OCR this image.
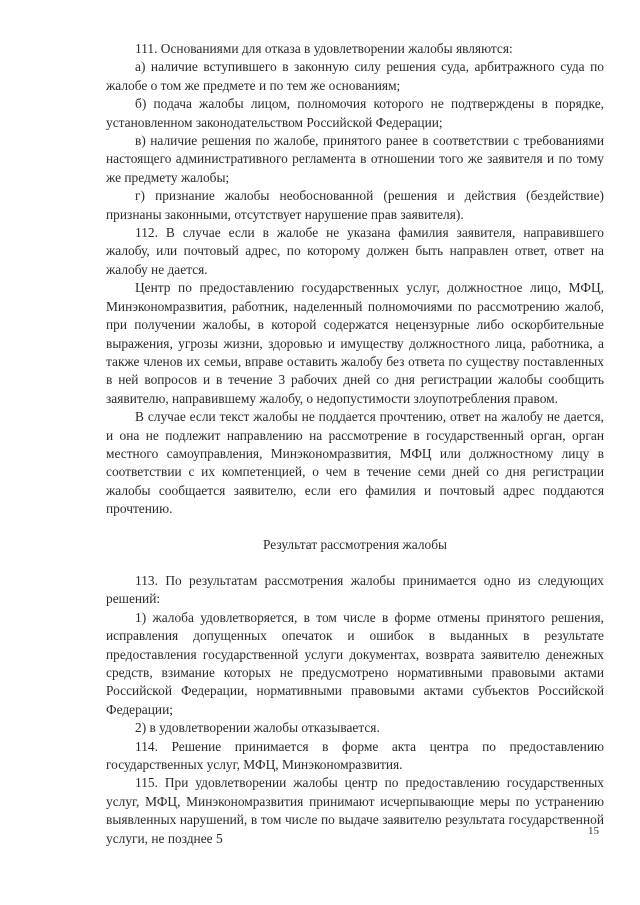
111. Основаниями для отказа в удовлетворении жалобы являются:

а) наличие вступившего в законную силу решения суда, арбитражного суда по жалобе о том же предмете и по тем же основаниям;

б) подача жалобы лицом, полномочия которого не подтверждены в порядке, установленном законодательством Российской Федерации;

в) наличие решения по жалобе, принятого ранее в соответствии с требованиями настоящего административного регламента в отношении того же заявителя и по тому же предмету жалобы;

г) признание жалобы необоснованной (решения и действия (бездействие) признаны законными, отсутствует нарушение прав заявителя).

112. В случае если в жалобе не указана фамилия заявителя, направившего жалобу, или почтовый адрес, по которому должен быть направлен ответ, ответ на жалобу не дается.

Центр по предоставлению государственных услуг, должностное лицо, МФЦ, Минэкономразвития, работник, наделенный полномочиями по рассмотрению жалоб, при получении жалобы, в которой содержатся нецензурные либо оскорбительные выражения, угрозы жизни, здоровью и имуществу должностного лица, работника, а также членов их семьи, вправе оставить жалобу без ответа по существу поставленных в ней вопросов и в течение 3 рабочих дней со дня регистрации жалобы сообщить заявителю, направившему жалобу, о недопустимости злоупотребления правом.

В случае если текст жалобы не поддается прочтению, ответ на жалобу не дается, и она не подлежит направлению на рассмотрение в государственный орган, орган местного самоуправления, Минэкономразвития, МФЦ или должностному лицу в соответствии с их компетенцией, о чем в течение семи дней со дня регистрации жалобы сообщается заявителю, если его фамилия и почтовый адрес поддаются прочтению.

Результат рассмотрения жалобы

113. По результатам рассмотрения жалобы принимается одно из следующих решений:

1) жалоба удовлетворяется, в том числе в форме отмены принятого решения, исправления допущенных опечаток и ошибок в выданных в результате предоставления государственной услуги документах, возврата заявителю денежных средств, взимание которых не предусмотрено нормативными правовыми актами Российской Федерации, нормативными правовыми актами субъектов Российской Федерации;

2) в удовлетворении жалобы отказывается.

114. Решение принимается в форме акта центра по предоставлению государственных услуг, МФЦ, Минэкономразвития.

115. При удовлетворении жалобы центр по предоставлению государственных услуг, МФЦ, Минэкономразвития принимают исчерпывающие меры по устранению выявленных нарушений, в том числе по выдаче заявителю результата государственной услуги, не позднее 5	15
